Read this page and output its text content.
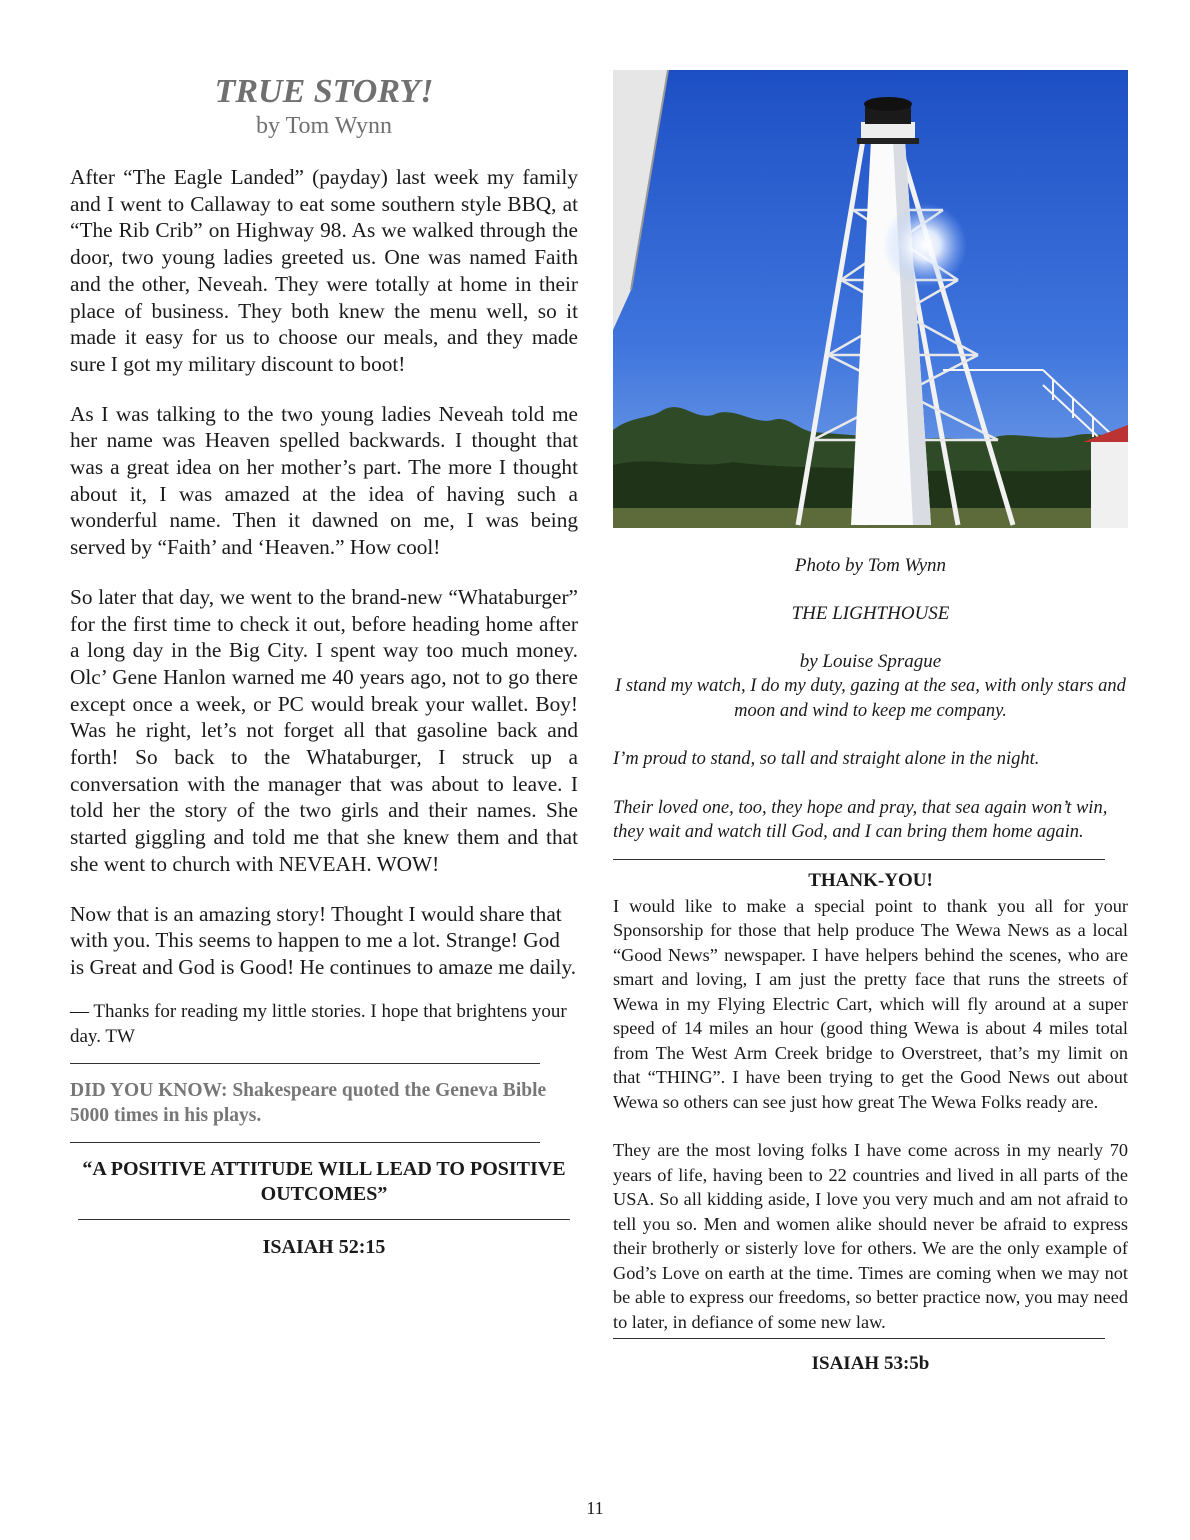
TRUE STORY!
by Tom Wynn

After “The Eagle Landed” (payday) last week my family and I went to Callaway to eat some southern style BBQ, at “The Rib Crib” on Highway 98. As we walked through the door, two young ladies greeted us. One was named Faith and the other, Neveah. They were totally at home in their place of business. They both knew the menu well, so it made it easy for us to choose our meals, and they made sure I got my military discount to boot!

As I was talking to the two young ladies Neveah told me her name was Heaven spelled backwards. I thought that was a great idea on her mother’s part. The more I thought about it, I was amazed at the idea of having such a wonderful name. Then it dawned on me, I was being served by “Faith’ and ‘Heaven.” How cool!

So later that day, we went to the brand-new “Whataburger” for the first time to check it out, before heading home after a long day in the Big City. I spent way too much money. Olc’ Gene Hanlon warned me 40 years ago, not to go there except once a week, or PC would break your wallet. Boy! Was he right, let’s not forget all that gasoline back and forth! So back to the Whataburger, I struck up a conversation with the manager that was about to leave. I told her the story of the two girls and their names. She started giggling and told me that she knew them and that she went to church with NEVEAH. WOW!

Now that is an amazing story! Thought I would share that with you. This seems to happen to me a lot. Strange! God is Great and God is Good! He continues to amaze me daily.

— Thanks for reading my little stories. I hope that brightens your day. TW

DID YOU KNOW: Shakespeare quoted the Geneva Bible 5000 times in his plays.

“A POSITIVE ATTITUDE WILL LEAD TO POSITIVE OUTCOMES”

ISAIAH 52:15

Photo by Tom Wynn

THE LIGHTHOUSE

by Louise Sprague

I stand my watch, I do my duty, gazing at the sea, with only stars and moon and wind to keep me company.

I’m proud to stand, so tall and straight alone in the night.

Their loved one, too, they hope and pray, that sea again won’t win, they wait and watch till God, and I can bring them home again.

THANK-YOU!

I would like to make a special point to thank you all for your Sponsorship for those that help produce The Wewa News as a local “Good News” newspaper. I have helpers behind the scenes, who are smart and loving, I am just the pretty face that runs the streets of Wewa in my Flying Electric Cart, which will fly around at a super speed of 14 miles an hour (good thing Wewa is about 4 miles total from The West Arm Creek bridge to Overstreet, that’s my limit on that “THING”. I have been trying to get the Good News out about Wewa so others can see just how great The Wewa Folks ready are.

They are the most loving folks I have come across in my nearly 70 years of life, having been to 22 countries and lived in all parts of the USA. So all kidding aside, I love you very much and am not afraid to tell you so. Men and women alike should never be afraid to express their brotherly or sisterly love for others. We are the only example of God’s Love on earth at the time. Times are coming when we may not be able to express our freedoms, so better practice now, you may need to later, in defiance of some new law.

ISAIAH 53:5b

11
